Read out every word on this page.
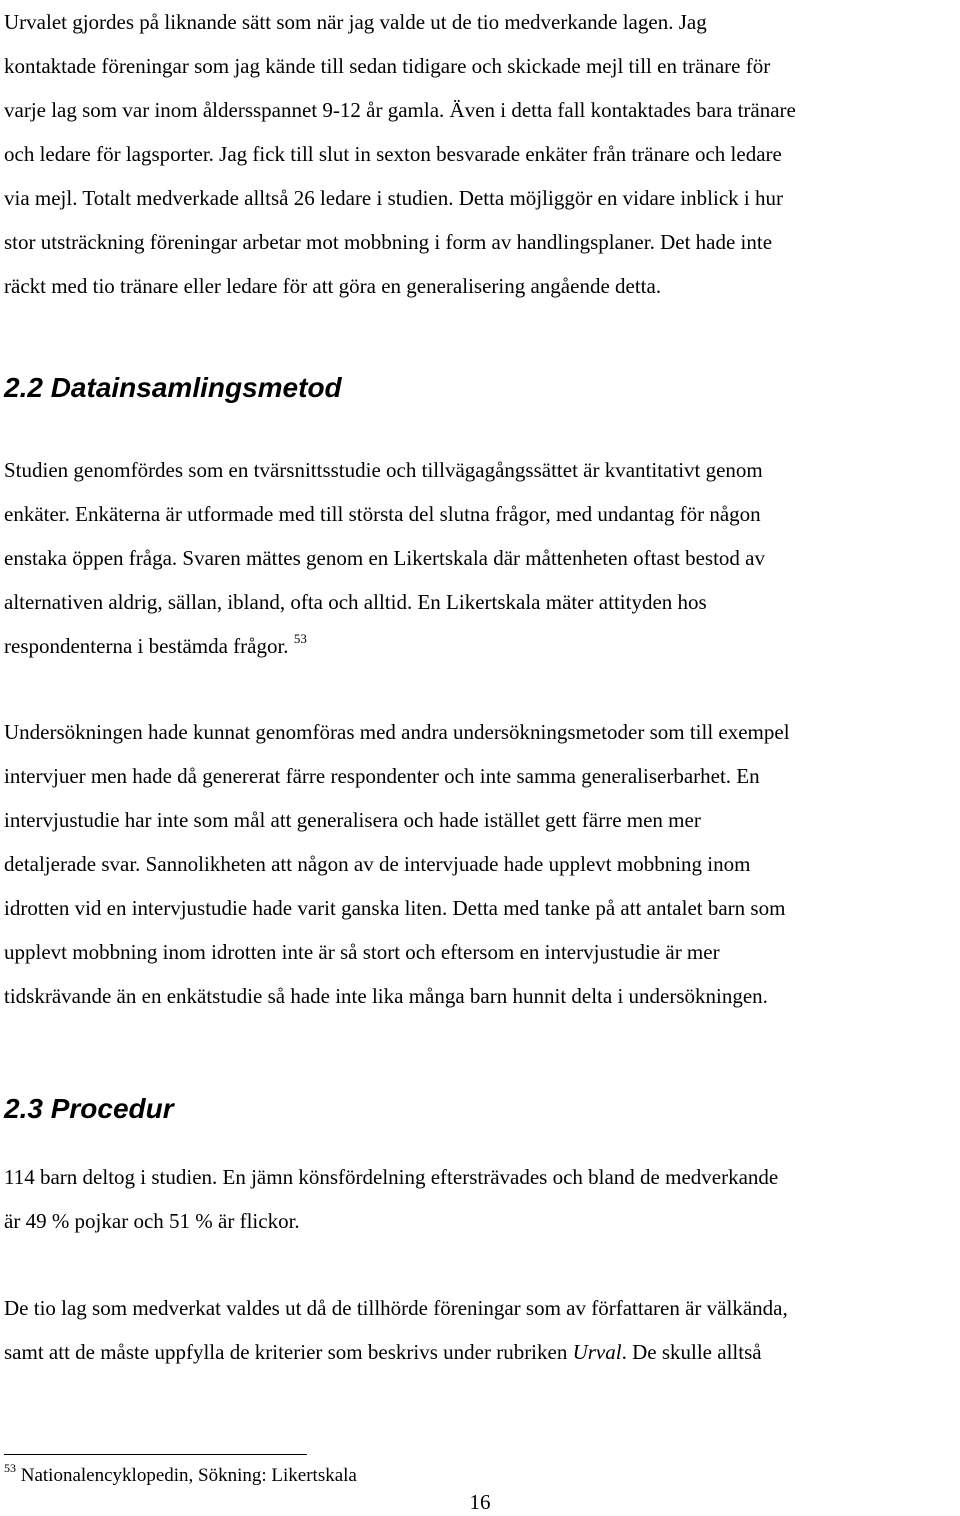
Urvalet gjordes på liknande sätt som när jag valde ut de tio medverkande lagen. Jag
kontaktade föreningar som jag kände till sedan tidigare och skickade mejl till en tränare för
varje lag som var inom åldersspannet 9-12 år gamla. Även i detta fall kontaktades bara tränare
och ledare för lagsporter. Jag fick till slut in sexton besvarade enkäter från tränare och ledare
via mejl. Totalt medverkade alltså 26 ledare i studien. Detta möjliggör en vidare inblick i hur
stor utsträckning föreningar arbetar mot mobbning i form av handlingsplaner. Det hade inte
räckt med tio tränare eller ledare för att göra en generalisering angående detta.

2.2 Datainsamlingsmetod

Studien genomfördes som en tvärsnittsstudie och tillvägagångssättet är kvantitativt genom
enkäter. Enkäterna är utformade med till största del slutna frågor, med undantag för någon
enstaka öppen fråga. Svaren mättes genom en Likertskala där måttenheten oftast bestod av
alternativen aldrig, sällan, ibland, ofta och alltid. En Likertskala mäter attityden hos
respondenterna i bestämda frågor. $^{53}$

Undersökningen hade kunnat genomföras med andra undersökningsmetoder som till exempel
intervjuer men hade då genererat färre respondenter och inte samma generaliserbarhet. En
intervjustudie har inte som mål att generalisera och hade istället gett färre men mer
detaljerade svar. Sannolikheten att någon av de intervjuade hade upplevt mobbning inom
idrotten vid en intervjustudie hade varit ganska liten. Detta med tanke på att antalet barn som
upplevt mobbning inom idrotten inte är så stort och eftersom en intervjustudie är mer
tidskrävande än en enkätstudie så hade inte lika många barn hunnit delta i undersökningen.

2.3 Procedur

114 barn deltog i studien. En jämn könsfördelning eftersträvades och bland de medverkande
är 49 % pojkar och 51 % är flickor.

De tio lag som medverkat valdes ut då de tillhörde föreningar som av författaren är välkända,
samt att de måste uppfylla de kriterier som beskrivs under rubriken Urval. De skulle alltså

$^{53}$ Nationalencyklopedin, Sökning: Likertskala
16
